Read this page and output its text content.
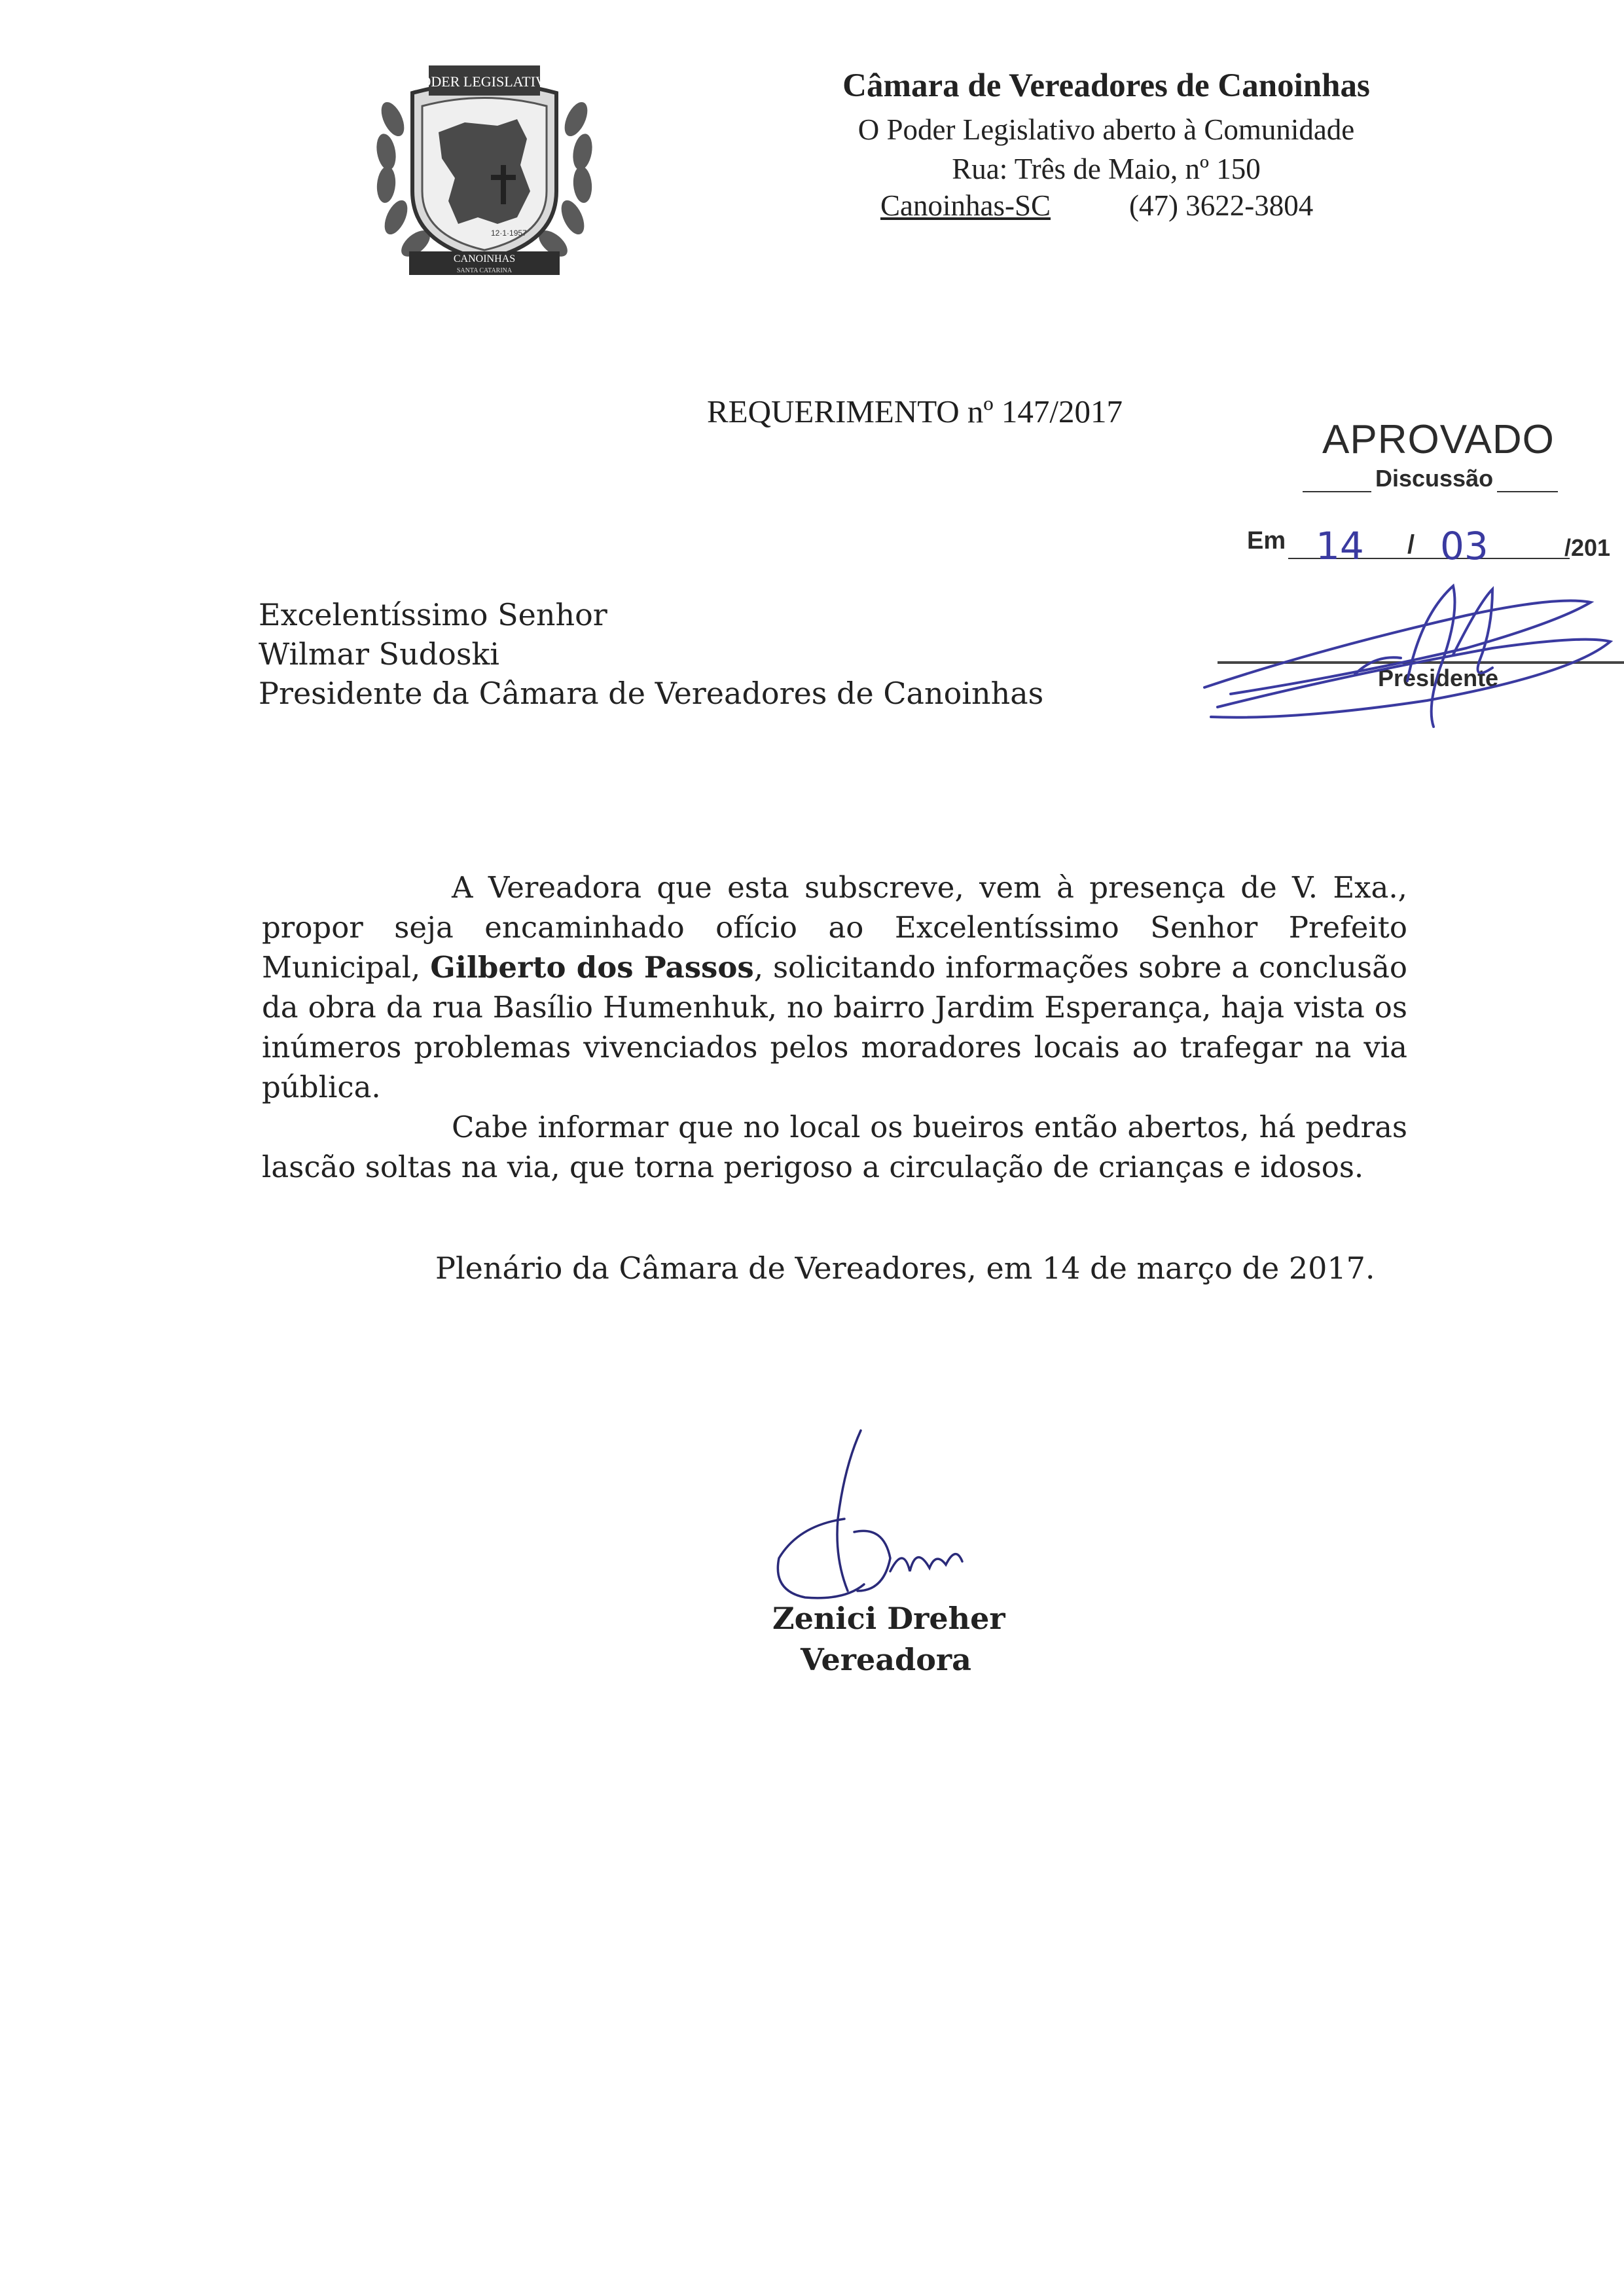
PODER LEGISLATIVO
12·1·1957
CANOINHAS
SANTA CATARINA
Câmara de Vereadores de Canoinhas
O Poder Legislativo aberto à Comunidade
Rua: Três de Maio, nº 150
Canoinhas-SC	(47) 3622-3804
REQUERIMENTO nº 147/2017
APROVADO
Discussão
Em 14 / 03	/201
Presidente
Excelentíssimo Senhor
Wilmar Sudoski
Presidente da Câmara de Vereadores de Canoinhas

A Vereadora que esta subscreve, vem à presença de V. Exa., propor seja encaminhado ofício ao Excelentíssimo Senhor Prefeito Municipal, Gilberto dos Passos, solicitando informações sobre a conclusão da obra da rua Basílio Humenhuk, no bairro Jardim Esperança, haja vista os inúmeros problemas vivenciados pelos moradores locais ao trafegar na via pública.

Cabe informar que no local os bueiros então abertos, há pedras lascão soltas na via, que torna perigoso a circulação de crianças e idosos.

Plenário da Câmara de Vereadores, em 14 de março de 2017.
Zenici Dreher
Vereadora
